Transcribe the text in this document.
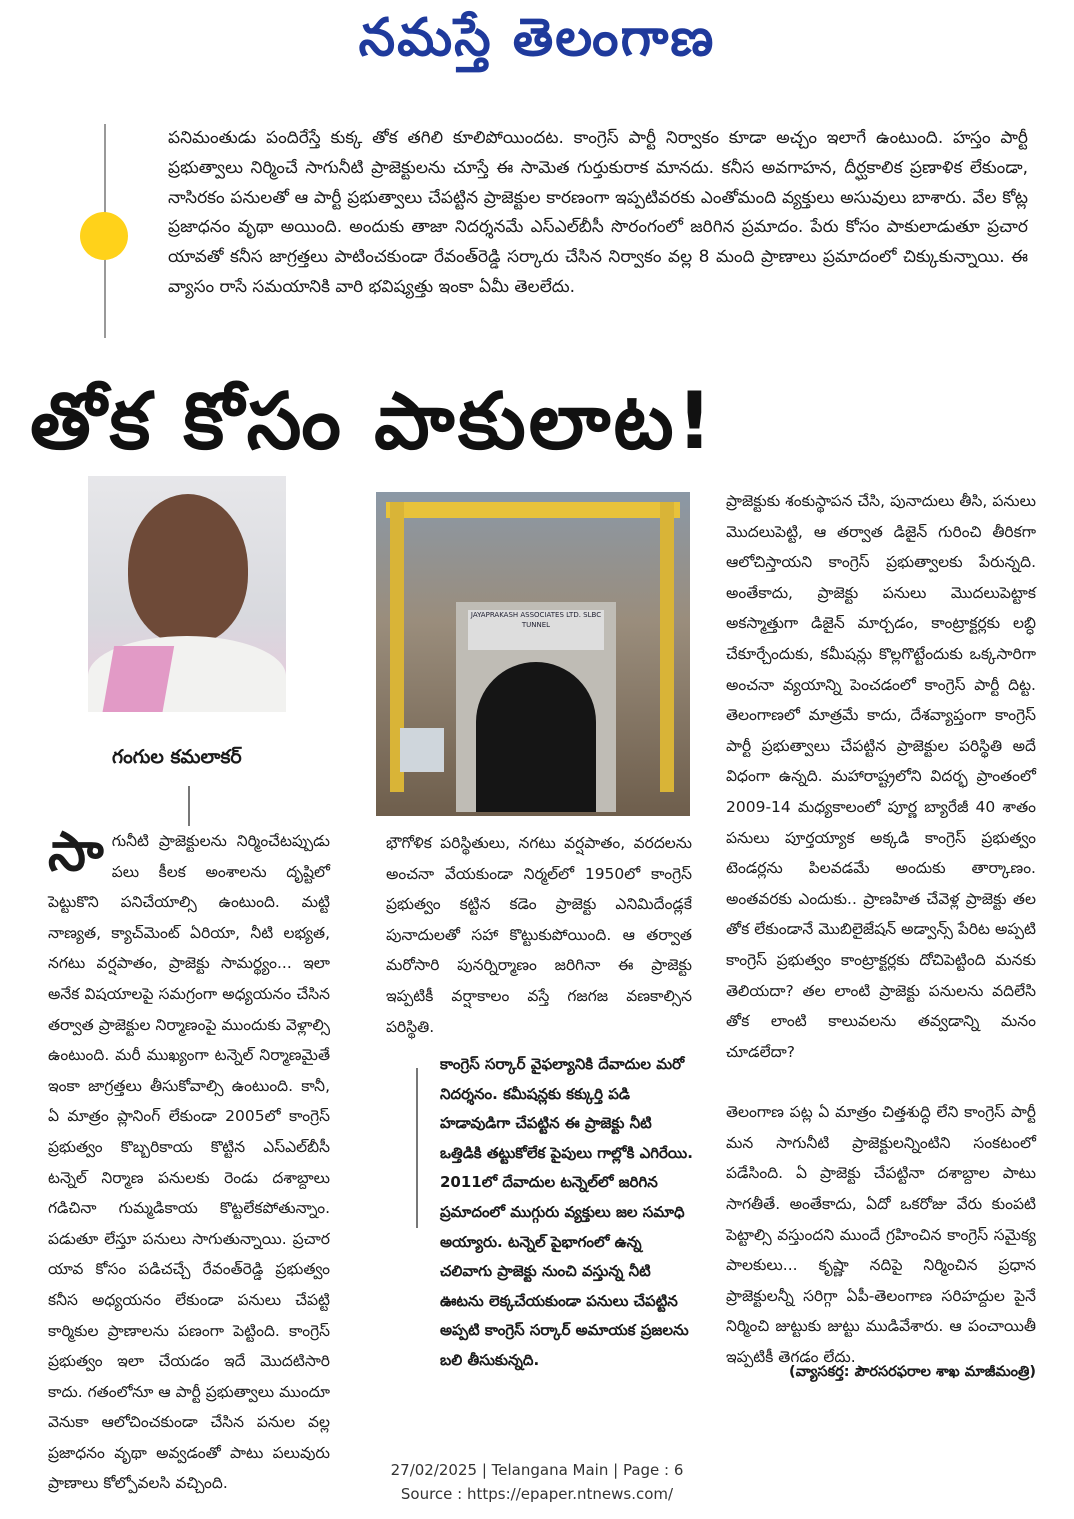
నమస్తే తెలంగాణ
పనిమంతుడు పందిరేస్తే కుక్క తోక తగిలి కూలిపోయిందట. కాంగ్రెస్ పార్టీ నిర్వాకం కూడా అచ్చం ఇలాగే ఉంటుంది. హస్తం పార్టీ ప్రభుత్వాలు నిర్మించే సాగునీటి ప్రాజెక్టులను చూస్తే ఈ సామెత గుర్తుకురాక మానదు. కనీస అవగాహన, దీర్ఘకాలిక ప్రణాళిక లేకుండా, నాసిరకం పనులతో ఆ పార్టీ ప్రభుత్వాలు చేపట్టిన ప్రాజెక్టుల కారణంగా ఇప్పటివరకు ఎంతోమంది వ్యక్తులు అసువులు బాశారు. వేల కోట్ల ప్రజాధనం వృథా అయింది. అందుకు తాజా నిదర్శనమే ఎస్ఎల్‌బీసీ సొరంగంలో జరిగిన ప్రమాదం. పేరు కోసం పాకులాడుతూ ప్రచార యావతో కనీస జాగ్రత్తలు పాటించకుండా రేవంత్‌రెడ్డి సర్కారు చేసిన నిర్వాకం వల్ల 8 మంది ప్రాణాలు ప్రమాదంలో చిక్కుకున్నాయి. ఈ వ్యాసం రాసే సమయానికి వారి భవిష్యత్తు ఇంకా ఏమీ తెలలేదు.
తోక కోసం పాకులాట!
గంగుల కమలాకర్
సా గునీటి ప్రాజెక్టులను నిర్మించేటప్పుడు పలు కీలక అంశాలను దృష్టిలో పెట్టుకొని పనిచేయాల్సి ఉంటుంది. మట్టి నాణ్యత, క్యాచ్‌మెంట్ ఏరియా, నీటి లభ్యత, నగటు వర్షపాతం, ప్రాజెక్టు సామర్థ్యం... ఇలా అనేక విషయాలపై సమగ్రంగా అధ్యయనం చేసిన తర్వాత ప్రాజెక్టుల నిర్మాణంపై ముందుకు వెళ్లాల్సి ఉంటుంది. మరీ ముఖ్యంగా టన్నెల్ నిర్మాణమైతే ఇంకా జాగ్రత్తలు తీసుకోవాల్సి ఉంటుంది. కానీ, ఏ మాత్రం ప్లానింగ్ లేకుండా 2005లో కాంగ్రెస్ ప్రభుత్వం కొబ్బరికాయ కొట్టిన ఎస్ఎల్‌బీసీ టన్నెల్ నిర్మాణ పనులకు రెండు దశాబ్దాలు గడిచినా గుమ్మడికాయ కొట్టలేకపోతున్నాం. పడుతూ లేస్తూ పనులు సాగుతున్నాయి. ప్రచార యావ కోసం పడిచచ్చే రేవంత్‌రెడ్డి ప్రభుత్వం కనీస అధ్యయనం లేకుండా పనులు చేపట్టి కార్మికుల ప్రాణాలను పణంగా పెట్టింది. కాంగ్రెస్ ప్రభుత్వం ఇలా చేయడం ఇదే మొదటిసారి కాదు. గతంలోనూ ఆ పార్టీ ప్రభుత్వాలు ముందూ వెనుకా ఆలోచించకుండా చేసిన పనుల వల్ల ప్రజాధనం వృథా అవ్వడంతో పాటు పలువురు ప్రాణాలు కోల్పోవలసి వచ్చింది.
JAYAPRAKASH ASSOCIATES LTD. SLBC TUNNEL
భౌగోళిక పరిస్థితులు, నగటు వర్షపాతం, వరదలను అంచనా వేయకుండా నిర్మల్‌లో 1950లో కాంగ్రెస్ ప్రభుత్వం కట్టిన కడెం ప్రాజెక్టు ఎనిమిదేండ్లకే పునాదులతో సహా కొట్టుకుపోయింది. ఆ తర్వాత మరోసారి పునర్నిర్మాణం జరిగినా ఈ ప్రాజెక్టు ఇప్పటికీ వర్షాకాలం వస్తే గజగజ వణకాల్సిన పరిస్థితి.
కాంగ్రెస్ సర్కార్ వైఫల్యానికి దేవాదుల మరో నిదర్శనం. కమీషన్లకు కక్కుర్తి పడి హడావుడిగా చేపట్టిన ఈ ప్రాజెక్టు నీటి ఒత్తిడికి తట్టుకోలేక పైపులు గాల్లోకి ఎగిరేయి. 2011లో దేవాదుల టన్నెల్‌లో జరిగిన ప్రమాదంలో ముగ్గురు వ్యక్తులు జల సమాధి అయ్యారు. టన్నెల్ పైభాగంలో ఉన్న చలివాగు ప్రాజెక్టు నుంచి వస్తున్న నీటి ఊటను లెక్కచేయకుండా పనులు చేపట్టిన అప్పటి కాంగ్రెస్ సర్కార్ అమాయక ప్రజలను బలి తీసుకున్నది.

ప్రాజెక్టుకు శంకుస్థాపన చేసి, పునాదులు తీసి, పనులు మొదలుపెట్టి, ఆ తర్వాత డిజైన్ గురించి తీరికగా ఆలోచిస్తాయని కాంగ్రెస్ ప్రభుత్వాలకు పేరున్నది. అంతేకాదు, ప్రాజెక్టు పనులు మొదలుపెట్టాక అకస్మాత్తుగా డిజైన్ మార్చడం, కాంట్రాక్టర్లకు లబ్ధి చేకూర్చేందుకు, కమీషన్లు కొల్లగొట్టేందుకు ఒక్కసారిగా అంచనా వ్యయాన్ని పెంచడంలో కాంగ్రెస్ పార్టీ దిట్ట. తెలంగాణలో మాత్రమే కాదు, దేశవ్యాప్తంగా కాంగ్రెస్ పార్టీ ప్రభుత్వాలు చేపట్టిన ప్రాజెక్టుల పరిస్థితి అదే విధంగా ఉన్నది. మహారాష్ట్రలోని విదర్భ ప్రాంతంలో 2009-14 మధ్యకాలంలో పూర్ణ బ్యారేజీ 40 శాతం పనులు పూర్తయ్యాక అక్కడి కాంగ్రెస్ ప్రభుత్వం టెండర్లను పిలవడమే అందుకు తార్కాణం. అంతవరకు ఎందుకు.. ప్రాణహిత చేవెళ్ల ప్రాజెక్టు తల తోక లేకుండానే మొబిలైజేషన్ అడ్వాన్స్ పేరిట అప్పటి కాంగ్రెస్ ప్రభుత్వం కాంట్రాక్టర్లకు దోచిపెట్టింది మనకు తెలియదా? తల లాంటి ప్రాజెక్టు పనులను వదిలేసి తోక లాంటి కాలువలను తవ్వడాన్ని మనం చూడలేదా?

తెలంగాణ పట్ల ఏ మాత్రం చిత్తశుద్ధి లేని కాంగ్రెస్ పార్టీ మన సాగునీటి ప్రాజెక్టులన్నింటిని సంకటంలో పడేసింది. ఏ ప్రాజెక్టు చేపట్టినా దశాబ్దాల పాటు సాగతీతే. అంతేకాదు, ఏదో ఒకరోజు వేరు కుంపటి పెట్టాల్సి వస్తుందని ముందే గ్రహించిన కాంగ్రెస్ సమైక్య పాలకులు... కృష్ణా నదిపై నిర్మించిన ప్రధాన ప్రాజెక్టులన్నీ సరిగ్గా ఏపీ-తెలంగాణ సరిహద్దుల పైనే నిర్మించి జుట్టుకు జుట్టు ముడివేశారు. ఆ పంచాయితీ ఇప్పటికీ తెగడం లేదు.

(వ్యాసకర్త: పౌరసరఫరాల శాఖ మాజీమంత్రి)
27/02/2025 | Telangana Main | Page : 6
Source : https://epaper.ntnews.com/
